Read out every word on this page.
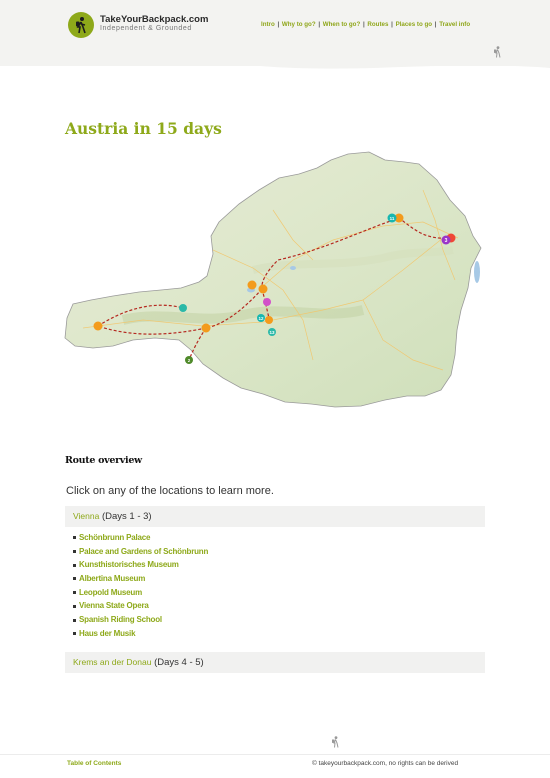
TakeYourBackpack.com
Independent & Grounded
Intro | Why to go? | When to go? | Routes | Places to go | Travel info
Austria in 15 days
3
11
12
13
2
Route overview
Click on any of the locations to learn more.
Vienna (Days 1 - 3)
Schönbrunn Palace
Palace and Gardens of Schönbrunn
Kunsthistorisches Museum
Albertina Museum
Leopold Museum
Vienna State Opera
Spanish Riding School
Haus der Musik
Krems an der Donau (Days 4 - 5)
Table of Contents	© takeyourbackpack.com, no rights can be derived
